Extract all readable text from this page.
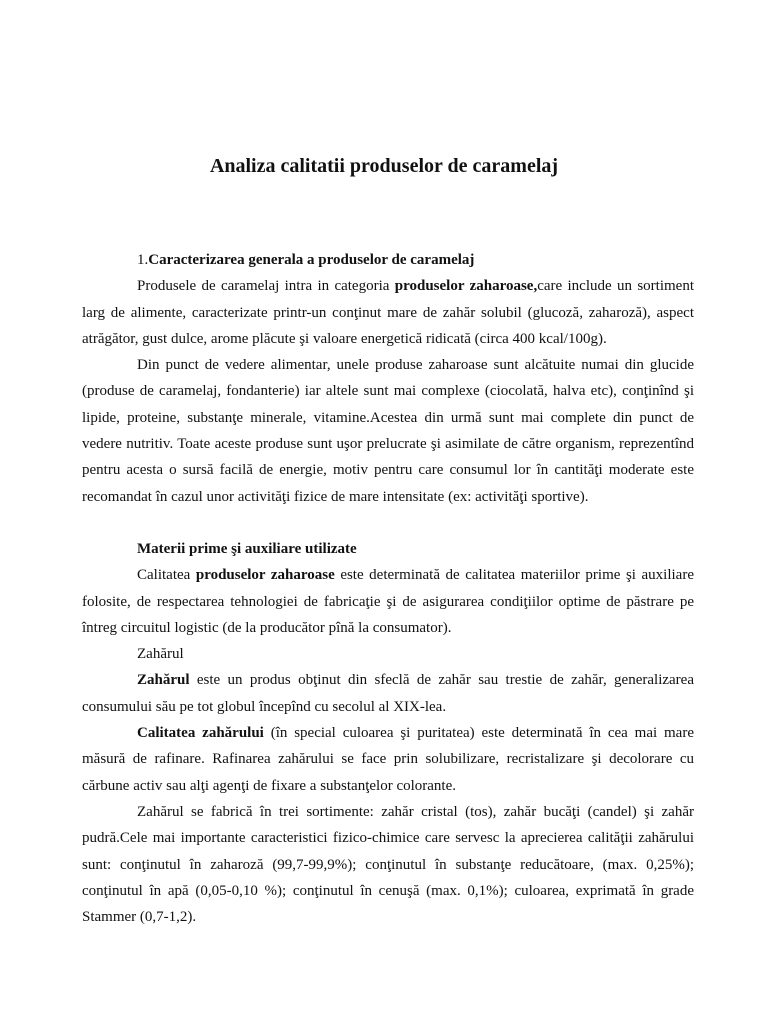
Analiza calitatii produselor de caramelaj

1.Caracterizarea generala a produselor de caramelaj

Produsele de caramelaj intra in categoria produselor zaharoase,care include un sortiment larg de alimente, caracterizate printr-un conţinut mare de zahăr solubil (glucoză, zaharoză), aspect atrăgător, gust dulce, arome plăcute şi valoare energetică ridicată (circa 400 kcal/100g).

Din punct de vedere alimentar, unele produse zaharoase sunt alcătuite numai din glucide (produse de caramelaj, fondanterie) iar altele sunt mai complexe (ciocolată, halva etc), conţinînd şi lipide, proteine, substanţe minerale, vitamine.Acestea din urmă sunt mai complete din punct de vedere nutritiv. Toate aceste produse sunt uşor prelucrate şi asimilate de către organism, reprezentînd pentru acesta o sursă facilă de energie, motiv pentru care consumul lor în cantităţi moderate este recomandat în cazul unor activităţi fizice de mare intensitate (ex: activităţi sportive).

Materii prime şi auxiliare utilizate

Calitatea produselor zaharoase este determinată de calitatea materiilor prime şi auxiliare folosite, de respectarea tehnologiei de fabricaţie şi de asigurarea condiţiilor optime de păstrare pe întreg circuitul logistic (de la producător pînă la consumator).

Zahărul

Zahărul este un produs obţinut din sfeclă de zahăr sau trestie de zahăr, generalizarea consumului său pe tot globul începînd cu secolul al XIX-lea.

Calitatea zahărului (în special culoarea şi puritatea) este determinată în cea mai mare măsură de rafinare. Rafinarea zahărului se face prin solubilizare, recristalizare şi decolorare cu cărbune activ sau alţi agenţi de fixare a substanţelor colorante.

Zahărul se fabrică în trei sortimente: zahăr cristal (tos), zahăr bucăţi (candel) şi zahăr pudră.Cele mai importante caracteristici fizico-chimice care servesc la aprecierea calităţii zahărului sunt: conţinutul în zaharoză (99,7-99,9%); conţinutul în substanţe reducătoare, (max. 0,25%); conţinutul în apă (0,05-0,10 %); conţinutul în cenuşă (max. 0,1%); culoarea, exprimată în grade Stammer (0,7-1,2).
